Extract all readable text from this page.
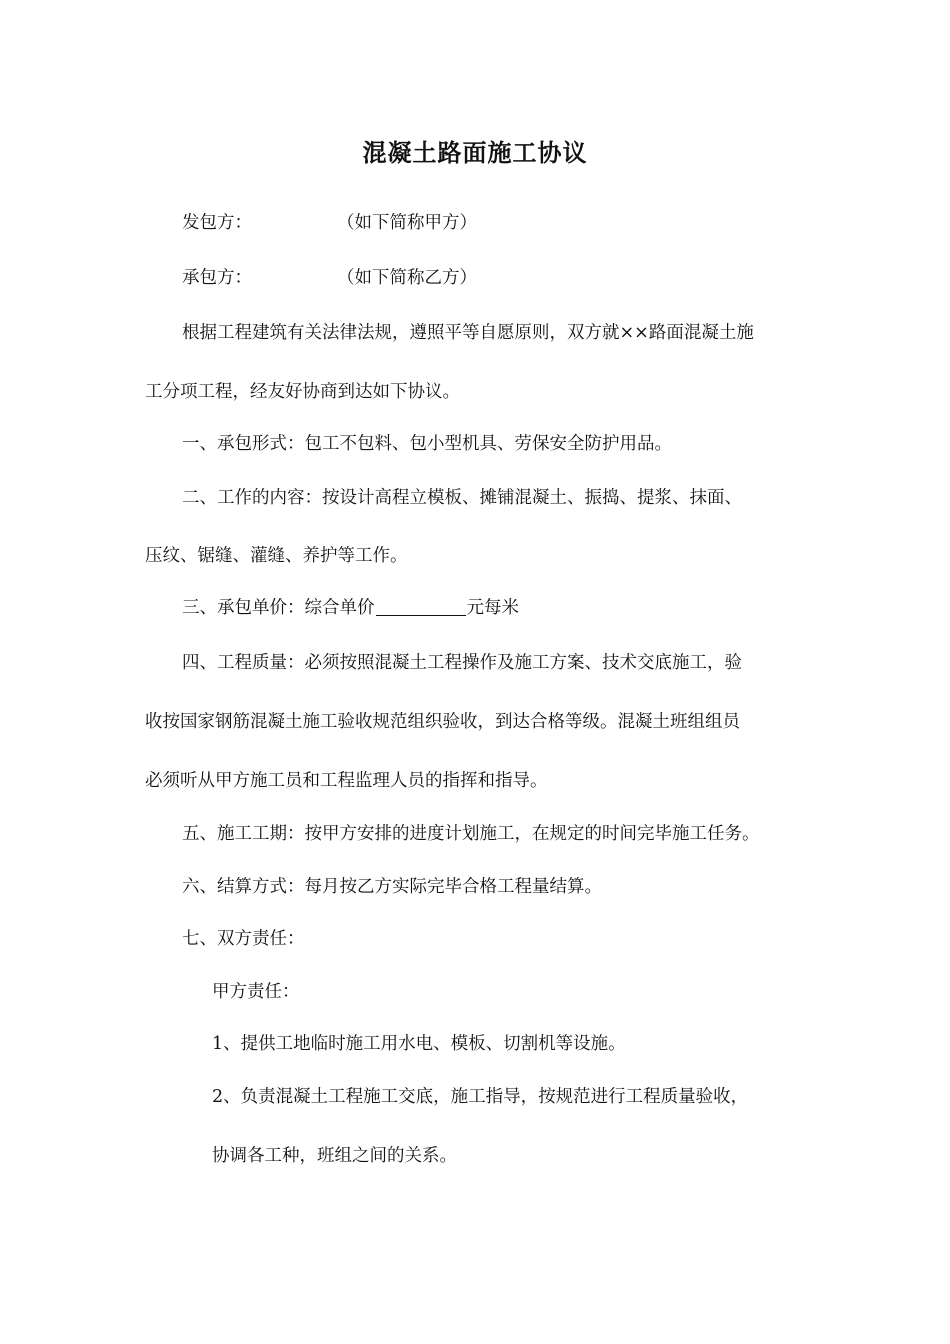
混凝土路面施工协议
发包方：	（如下简称甲方）
承包方：	（如下简称乙方）
根据工程建筑有关法律法规，遵照平等自愿原则，双方就××路面混凝土施
工分项工程，经友好协商到达如下协议。
一、承包形式：包工不包料、包小型机具、劳保安全防护用品。
二、工作的内容：按设计高程立模板、摊铺混凝土、振捣、提浆、抹面、
压纹、锯缝、灌缝、养护等工作。
三、承包单价：综合单价	元每米
四、工程质量：必须按照混凝土工程操作及施工方案、技术交底施工，验
收按国家钢筋混凝土施工验收规范组织验收，到达合格等级。混凝土班组组员
必须听从甲方施工员和工程监理人员的指挥和指导。
五、施工工期：按甲方安排的进度计划施工，在规定的时间完毕施工任务。
六、结算方式：每月按乙方实际完毕合格工程量结算。
七、双方责任：
甲方责任：
1、提供工地临时施工用水电、模板、切割机等设施。
2、负责混凝土工程施工交底，施工指导，按规范进行工程质量验收，
协调各工种，班组之间的关系。
